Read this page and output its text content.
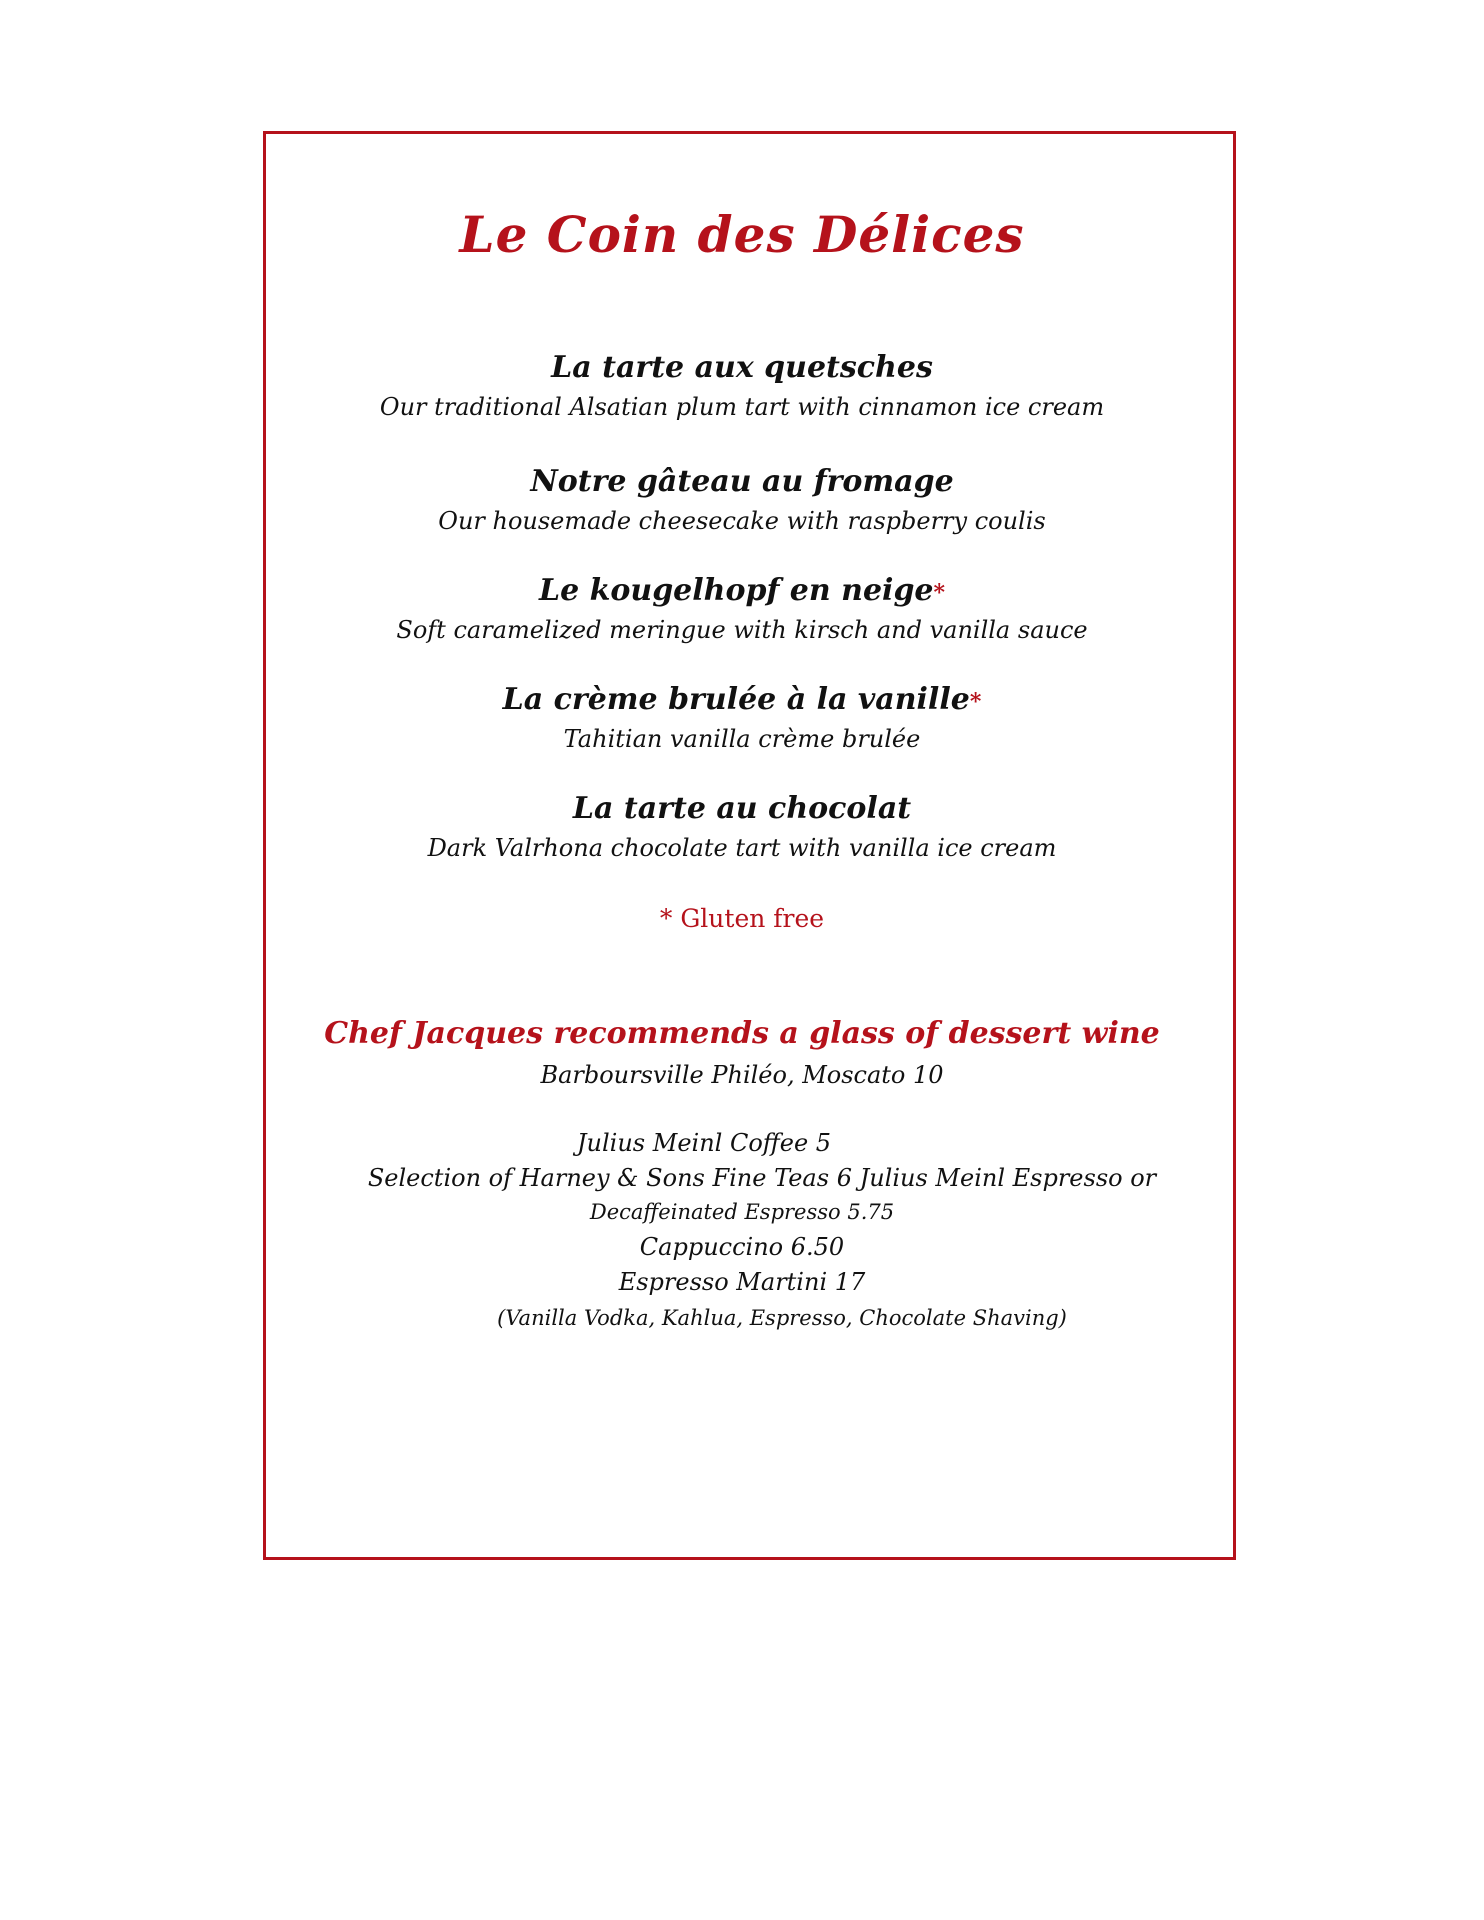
Le Coin des Délices
La tarte aux quetsches
Our traditional Alsatian plum tart with cinnamon ice cream
Notre gâteau au fromage
Our housemade cheesecake with raspberry coulis
Le kougelhopf en neige*
Soft caramelized meringue with kirsch and vanilla sauce
La crème brulée à la vanille*
Tahitian vanilla crème brulée
La tarte au chocolat
Dark Valrhona chocolate tart with vanilla ice cream
* Gluten free
Chef Jacques recommends a glass of dessert wine
Barboursville Philéo, Moscato 10
Julius Meinl Coffee 5
Selection of Harney & Sons Fine Teas 6 Julius Meinl Espresso or
Decaffeinated Espresso 5.75
Cappuccino 6.50
Espresso Martini 17
(Vanilla Vodka, Kahlua, Espresso, Chocolate Shaving)
